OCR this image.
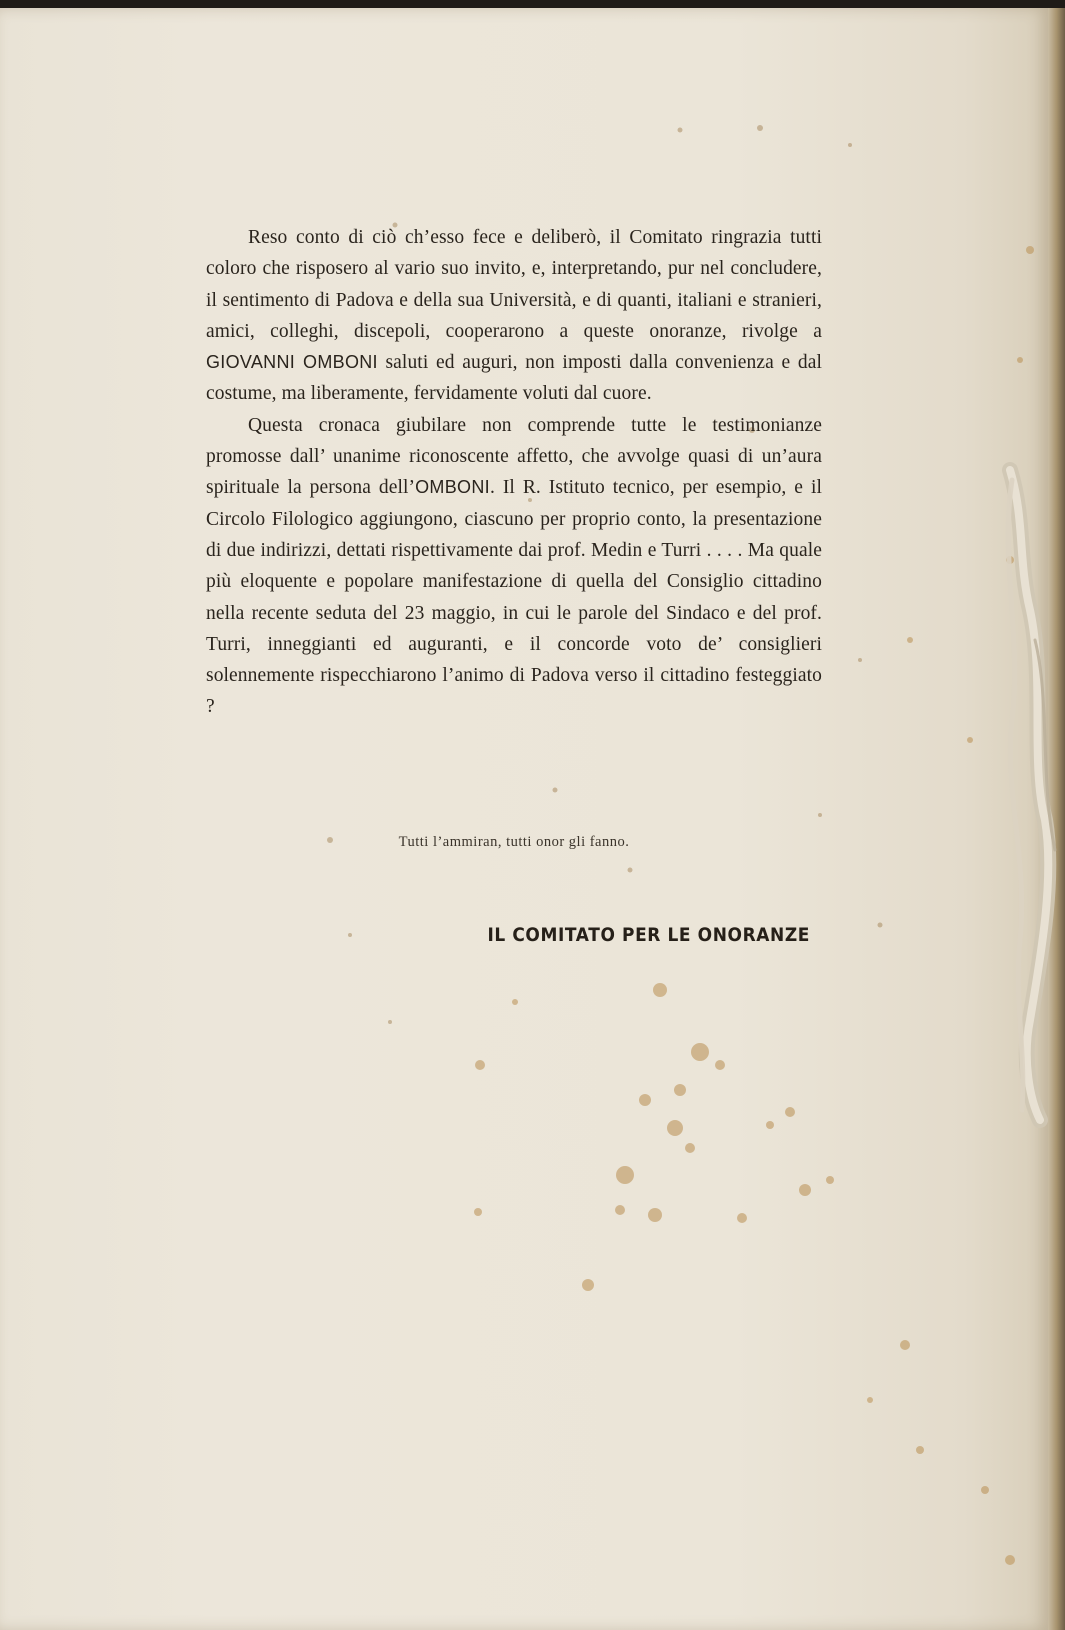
Reso conto di ciò ch’esso fece e deliberò, il Comitato ringrazia tutti coloro che risposero al vario suo invito, e, interpretando, pur nel concludere, il sentimento di Padova e della sua Università, e di quanti, italiani e stranieri, amici, colleghi, discepoli, cooperarono a queste onoranze, rivolge a GIOVANNI OMBONI saluti ed auguri, non imposti dalla convenienza e dal costume, ma liberamente, fervidamente voluti dal cuore.

Questa cronaca giubilare non comprende tutte le testimonianze promosse dall’ unanime riconoscente affetto, che avvolge quasi di un’aura spirituale la persona dell’OMBONI. Il R. Istituto tecnico, per esempio, e il Circolo Filologico aggiungono, ciascuno per proprio conto, la presentazione di due indirizzi, dettati rispettivamente dai prof. Medin e Turri . . . . Ma quale più eloquente e popolare manifestazione di quella del Consiglio cittadino nella recente seduta del 23 maggio, in cui le parole del Sindaco e del prof. Turri, inneggianti ed auguranti, e il concorde voto de’ consiglieri solennemente rispecchiarono l’animo di Padova verso il cittadino festeggiato ?

Tutti l’ammiran, tutti onor gli fanno.
IL COMITATO PER LE ONORANZE
